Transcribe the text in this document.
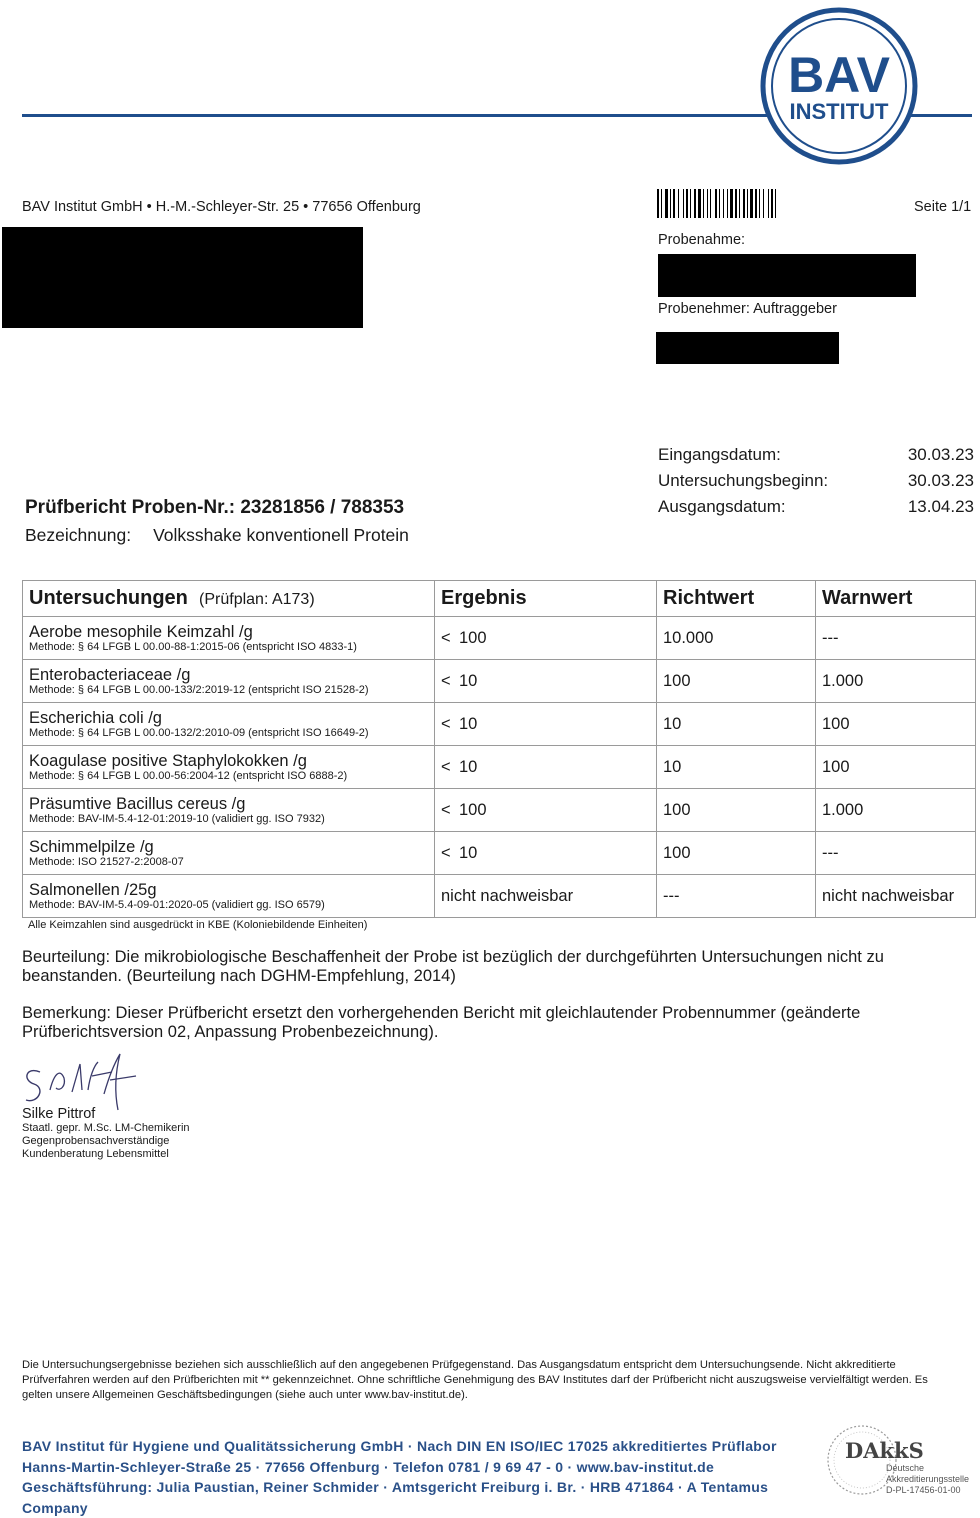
BAV
INSTITUT
BAV Institut GmbH • H.-M.-Schleyer-Str. 25 • 77656 Offenburg	Seite 1/1
Probenahme:
Probenehmer: Auftraggeber
Eingangsdatum:	30.03.23
Untersuchungsbeginn:	30.03.23
Ausgangsdatum:	13.04.23
Prüfbericht Proben-Nr.: 23281856 / 788353
Bezeichnung: Volksshake konventionell Protein
Untersuchungen (Prüfplan: A173)	Ergebnis	Richtwert	Warnwert

Aerobe mesophile Keimzahl /g
Methode: § 64 LFGB L 00.00-88-1:2015-06 (entspricht ISO 4833-1)	< 100	10.000	---

Enterobacteriaceae /g
Methode: § 64 LFGB L 00.00-133/2:2019-12 (entspricht ISO 21528-2)	< 10	100	1.000

Escherichia coli /g
Methode: § 64 LFGB L 00.00-132/2:2010-09 (entspricht ISO 16649-2)	< 10	10	100

Koagulase positive Staphylokokken /g
Methode: § 64 LFGB L 00.00-56:2004-12 (entspricht ISO 6888-2)	< 10	10	100

Präsumtive Bacillus cereus /g
Methode: BAV-IM-5.4-12-01:2019-10 (validiert gg. ISO 7932)	< 100	100	1.000

Schimmelpilze /g
Methode: ISO 21527-2:2008-07	< 10	100	---

Salmonellen /25g
Methode: BAV-IM-5.4-09-01:2020-05 (validiert gg. ISO 6579)	nicht nachweisbar	---	nicht nachweisbar
Alle Keimzahlen sind ausgedrückt in KBE (Koloniebildende Einheiten)
Beurteilung: Die mikrobiologische Beschaffenheit der Probe ist bezüglich der durchgeführten Untersuchungen nicht zu beanstanden. (Beurteilung nach DGHM-Empfehlung, 2014)
Bemerkung: Dieser Prüfbericht ersetzt den vorhergehenden Bericht mit gleichlautender Probennummer (geänderte Prüfberichtsversion 02, Anpassung Probenbezeichnung).
Silke Pittrof
Staatl. gepr. M.Sc. LM-Chemikerin
Gegenprobensachverständige
Kundenberatung Lebensmittel
Die Untersuchungsergebnisse beziehen sich ausschließlich auf den angegebenen Prüfgegenstand. Das Ausgangsdatum entspricht dem Untersuchungsende. Nicht akkreditierte Prüfverfahren werden auf den Prüfberichten mit ** gekennzeichnet. Ohne schriftliche Genehmigung des BAV Institutes darf der Prüfbericht nicht auszugsweise vervielfältigt werden. Es gelten unsere Allgemeinen Geschäftsbedingungen (siehe auch unter www.bav-institut.de).
BAV Institut für Hygiene und Qualitätssicherung GmbH · Nach DIN EN ISO/IEC 17025 akkreditiertes Prüflabor
Hanns-Martin-Schleyer-Straße 25 · 77656 Offenburg · Telefon 0781 / 9 69 47 - 0 · www.bav-institut.de
Geschäftsführung: Julia Paustian, Reiner Schmider · Amtsgericht Freiburg i. Br. · HRB 471864 · A Tentamus Company
DAkkS
Deutsche
Akkreditierungsstelle
D-PL-17456-01-00
